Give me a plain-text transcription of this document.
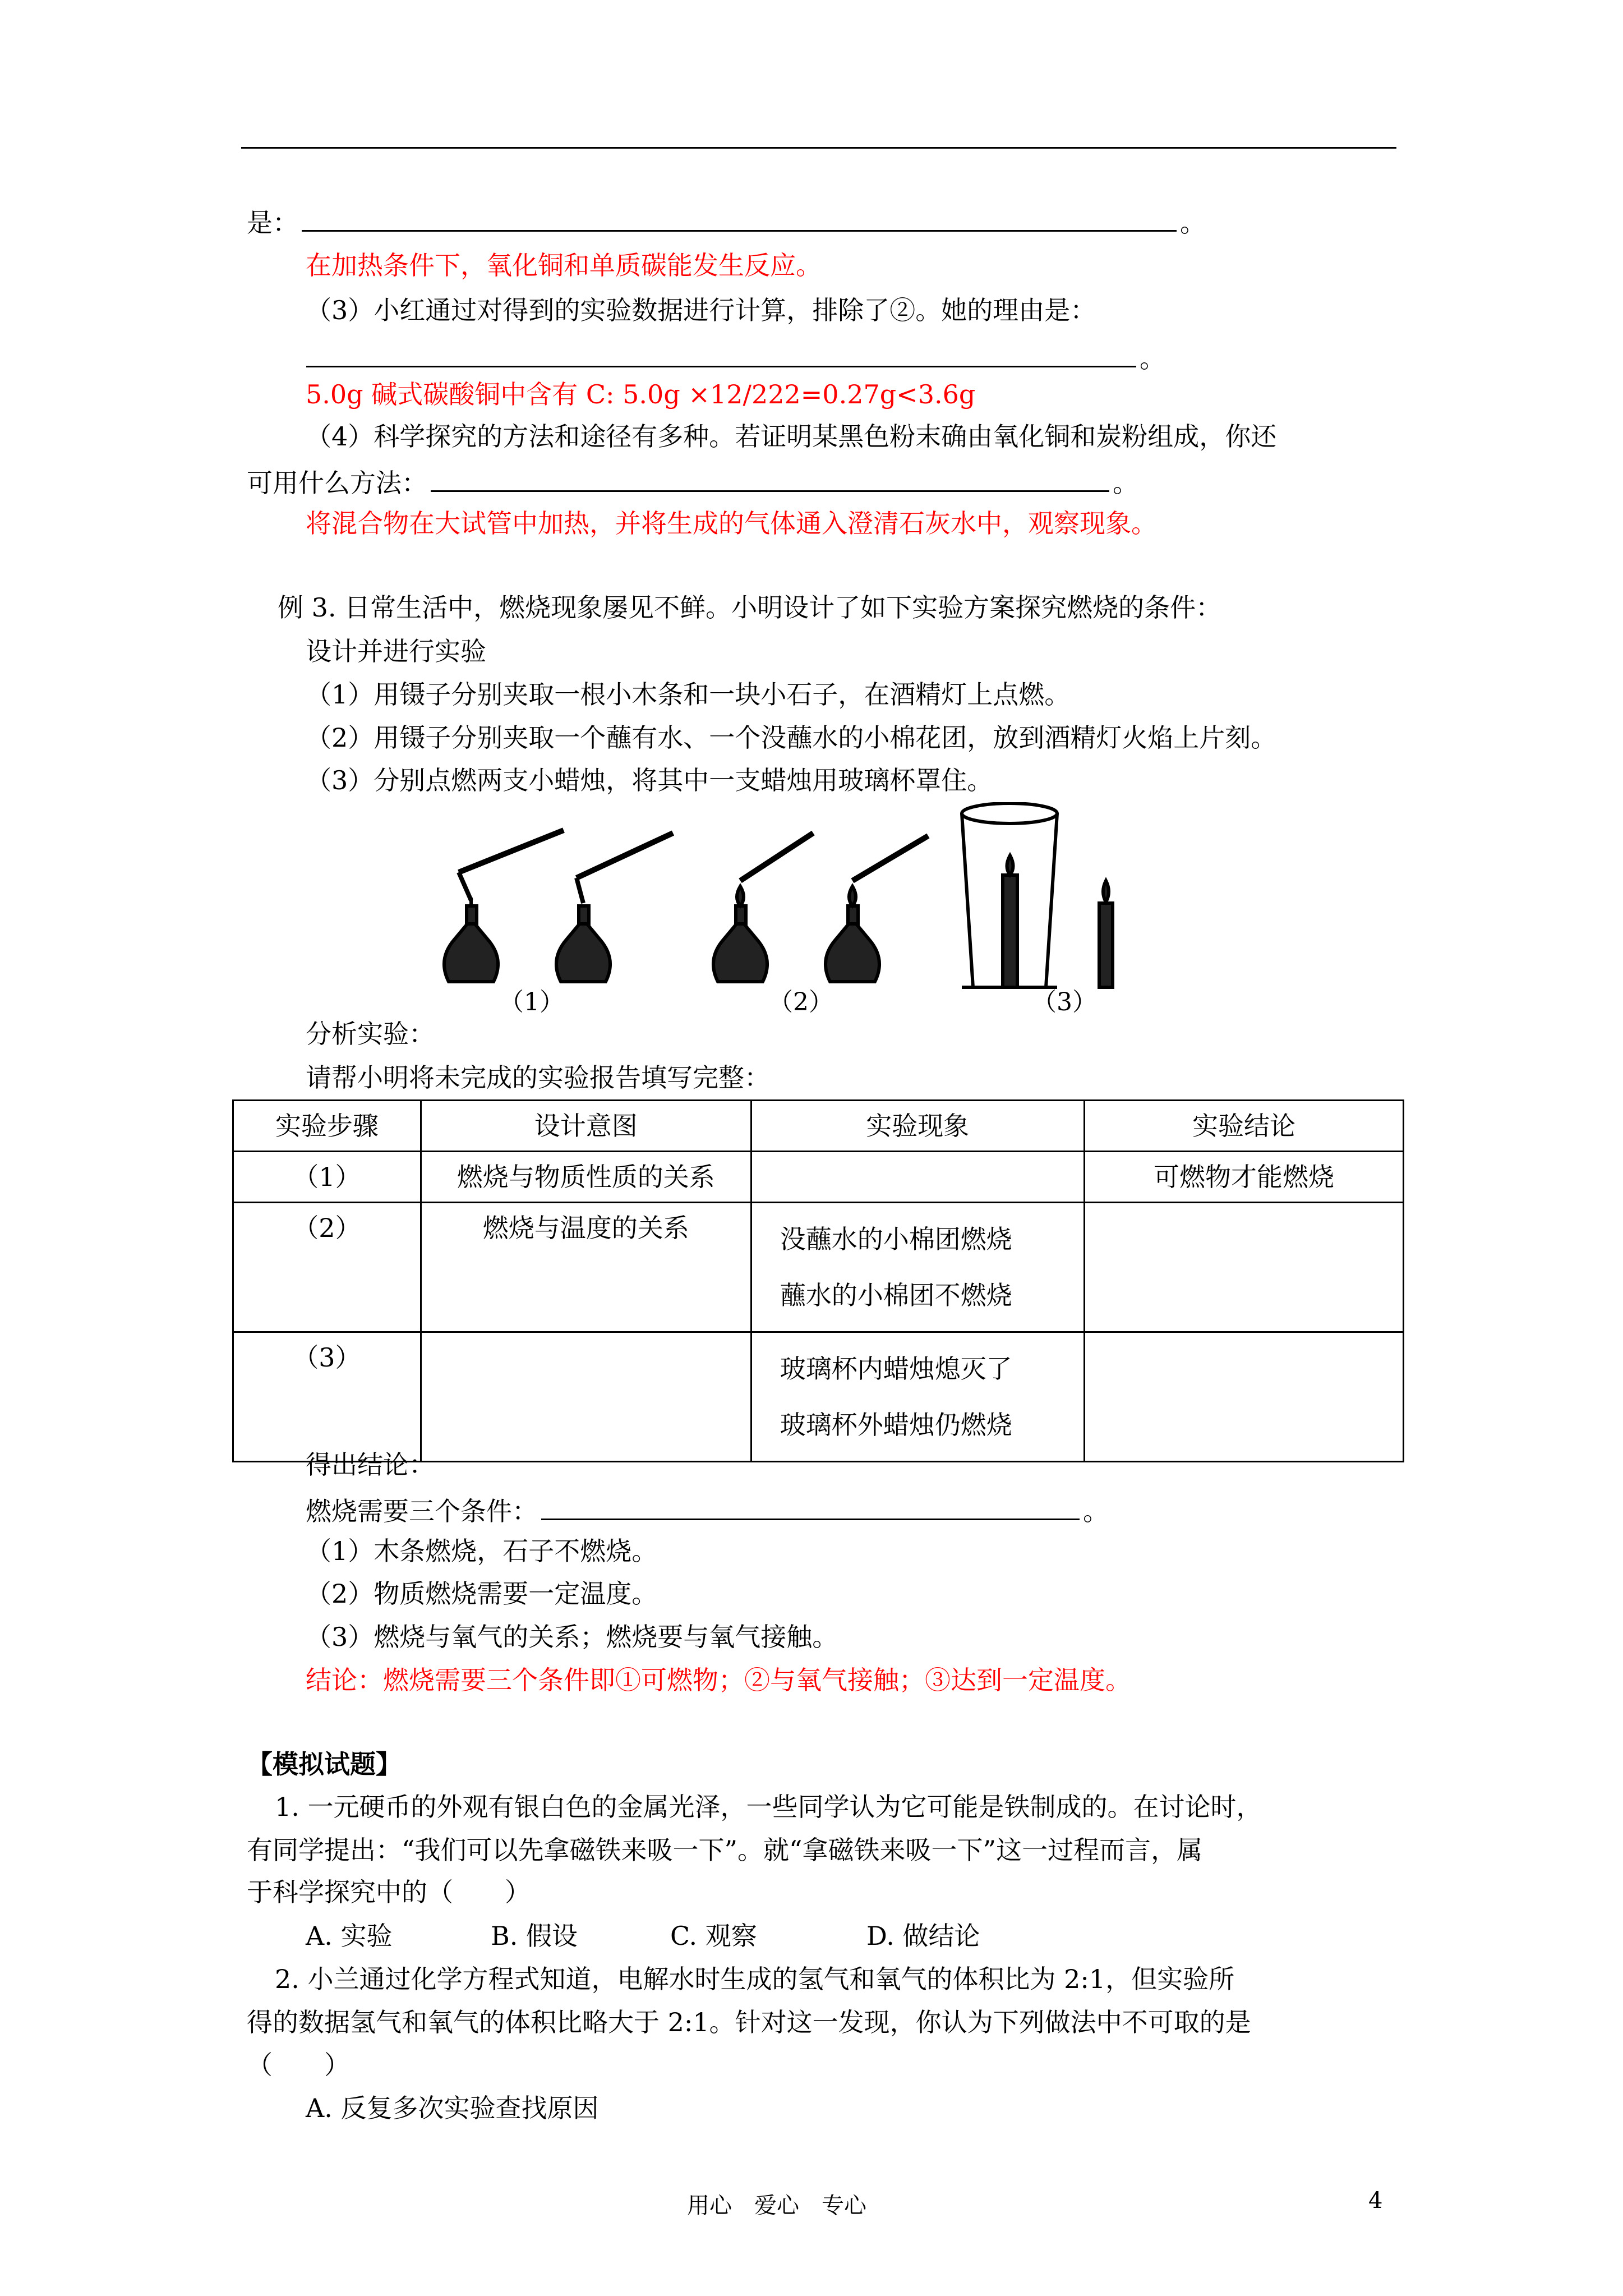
是：	。
在加热条件下，氧化铜和单质碳能发生反应。
（3）小红通过对得到的实验数据进行计算，排除了②。她的理由是：
。
5.0g 碱式碳酸铜中含有 C: 5.0g ×12/222=0.27g<3.6g
（4）科学探究的方法和途径有多种。若证明某黑色粉末确由氧化铜和炭粉组成，你还
可用什么方法：	。
将混合物在大试管中加热，并将生成的气体通入澄清石灰水中，观察现象。
例 3. 日常生活中，燃烧现象屡见不鲜。小明设计了如下实验方案探究燃烧的条件：
设计并进行实验
（1）用镊子分别夹取一根小木条和一块小石子，在酒精灯上点燃。
（2）用镊子分别夹取一个蘸有水、一个没蘸水的小棉花团，放到酒精灯火焰上片刻。
（3）分别点燃两支小蜡烛，将其中一支蜡烛用玻璃杯罩住。
（1）	（2）	（3）
分析实验：
请帮小明将未完成的实验报告填写完整：
实验步骤	设计意图	实验现象	实验结论
（1）	燃烧与物质性质的关系		可燃物才能燃烧
（2）	燃烧与温度的关系	没蘸水的小棉团燃烧
蘸水的小棉团不燃烧	

（3）		玻璃杯内蜡烛熄灭了
玻璃杯外蜡烛仍燃烧	

得出结论：
燃烧需要三个条件：	。
（1）木条燃烧，石子不燃烧。
（2）物质燃烧需要一定温度。
（3）燃烧与氧气的关系；燃烧要与氧气接触。
结论：燃烧需要三个条件即①可燃物；②与氧气接触；③达到一定温度。
【模拟试题】
1. 一元硬币的外观有银白色的金属光泽，一些同学认为它可能是铁制成的。在讨论时，
有同学提出：“我们可以先拿磁铁来吸一下”。就“拿磁铁来吸一下”这一过程而言，属
于科学探究中的（　　）
A. 实验	B. 假设	C. 观察	D. 做结论
2. 小兰通过化学方程式知道，电解水时生成的氢气和氧气的体积比为 2:1，但实验所
得的数据氢气和氧气的体积比略大于 2:1。针对这一发现，你认为下列做法中不可取的是
（　　）
A. 反复多次实验查找原因
用心　爱心　专心	4
